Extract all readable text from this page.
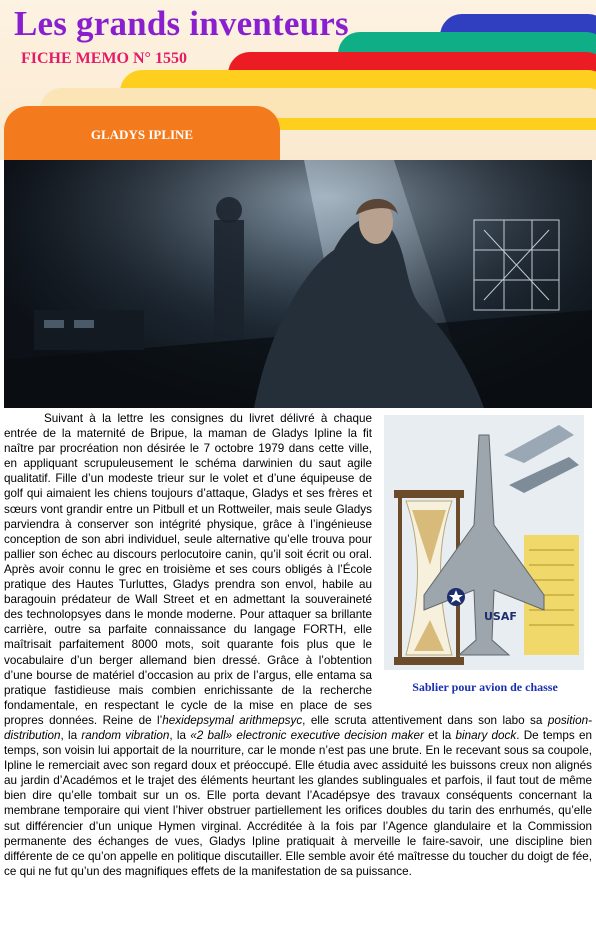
Les grands inventeurs
FICHE MEMO N° 1550
GLADYS IPLINE
USAF
Sablier pour avion de chasse

Suivant à la lettre les consignes du livret délivré à chaque entrée de la maternité de Bripue, la maman de Gladys Ipline la fit naître par procréation non désirée le 7 octobre 1979 dans cette ville, en appliquant scrupuleusement le schéma darwinien du saut agile qualitatif. Fille d’un modeste trieur sur le volet et d’une équipeuse de golf qui aimaient les chiens toujours d’attaque, Gladys et ses frères et sœurs vont grandir entre un Pitbull et un Rottweiler, mais seule Gladys parviendra à conserver son intégrité physique, grâce à l’ingénieuse conception de son abri individuel, seule alternative qu’elle trouva pour pallier son échec au discours perlocutoire canin, qu’il soit écrit ou oral. Après avoir connu le grec en troisième et ses cours obligés à l’École pratique des Hautes Turluttes, Gladys prendra son envol, habile au baragouin prédateur de Wall Street et en admettant la souveraineté des technolopsyes dans le monde moderne. Pour attaquer sa brillante carrière, outre sa parfaite connaissance du langage FORTH, elle maîtrisait parfaitement 8000 mots, soit quarante fois plus que le vocabulaire d’un berger allemand bien dressé. Grâce à l’obtention d’une bourse de matériel d’occasion au prix de l’argus, elle entama sa pratique fastidieuse mais combien enrichissante de la recherche fondamentale, en respectant le cycle de la mise en place de ses propres données. Reine de l’hexidepsymal arithmepsyc, elle scruta attentivement dans son labo sa position-distribution, la random vibration, la «2 ball» electronic executive decision maker et la binary dock. De temps en temps, son voisin lui apportait de la nourriture, car le monde n’est pas une brute. En le recevant sous sa coupole, Ipline le remerciait avec son regard doux et préoccupé. Elle étudia avec assiduité les buissons creux non alignés au jardin d’Académos et le trajet des éléments heurtant les glandes sublinguales et parfois, il faut tout de même bien dire qu’elle tombait sur un os. Elle porta devant l’Acadépsye des travaux conséquents concernant la membrane temporaire qui vient l’hiver obstruer partiellement les orifices doubles du tarin des enrhumés, qu’elle sut différencier d’un unique Hymen virginal. Accréditée à la fois par l’Agence glandulaire et la Commission permanente des échanges de vues, Gladys Ipline pratiquait à merveille le faire-savoir, une discipline bien différente de ce qu’on appelle en politique discutailler. Elle semble avoir été maîtresse du toucher du doigt de fée, ce qui ne fut qu’un des magnifiques effets de la manifestation de sa puissance.
